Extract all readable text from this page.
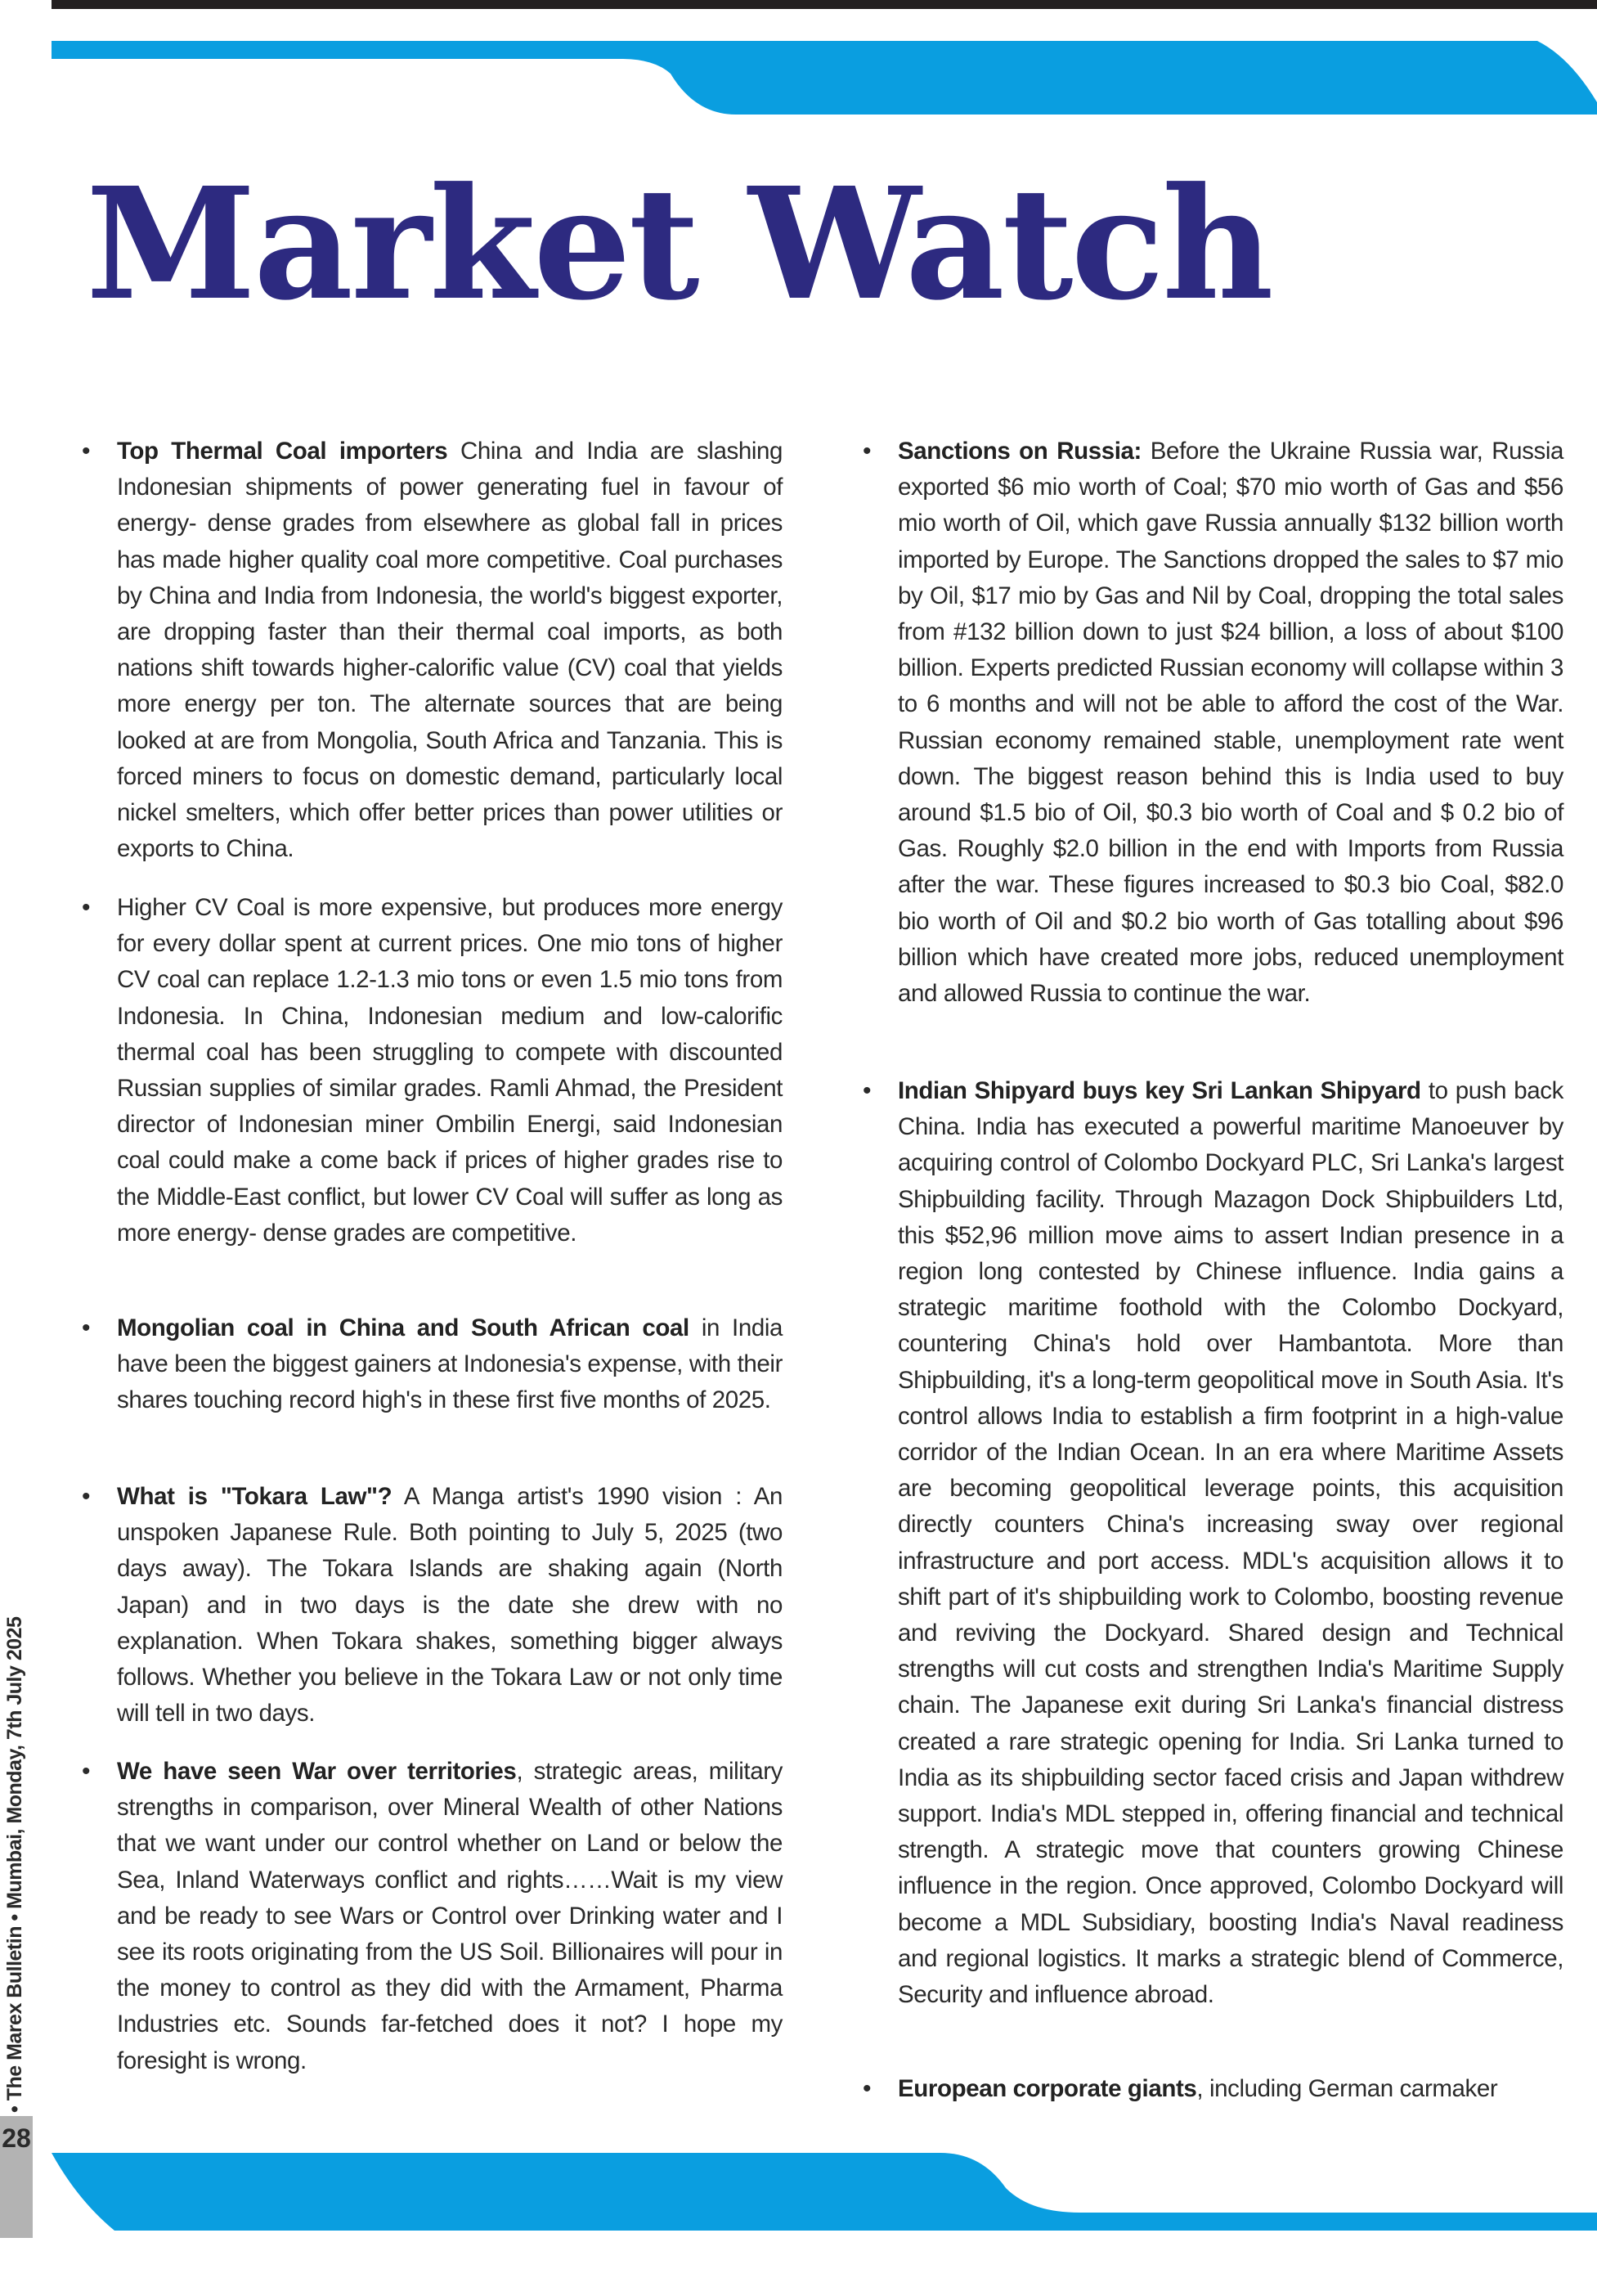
Market Watch
• Top Thermal Coal importers China and India are slashing Indonesian shipments of power generating fuel in favour of energy- dense grades from elsewhere as global fall in prices has made higher quality coal more competitive. Coal purchases by China and India from Indonesia, the world's biggest exporter, are dropping faster than their thermal coal imports, as both nations shift towards higher-calorific value (CV) coal that yields more energy per ton. The alternate sources that are being looked at are from Mongolia, South Africa and Tanzania. This is forced miners to focus on domestic demand, particularly local nickel smelters, which offer better prices than power utilities or exports to China.

• Higher CV Coal is more expensive, but produces more energy for every dollar spent at current prices. One mio tons of higher CV coal can replace 1.2-1.3 mio tons or even 1.5 mio tons from Indonesia. In China, Indonesian medium and low-calorific thermal coal has been struggling to compete with discounted Russian supplies of similar grades. Ramli Ahmad, the President director of Indonesian miner Ombilin Energi, said Indonesian coal could make a come back if prices of higher grades rise to the Middle-East conflict, but lower CV Coal will suffer as long as more energy- dense grades are competitive.

• Mongolian coal in China and South African coal in India have been the biggest gainers at Indonesia's expense, with their shares touching record high's in these first five months of 2025.

• What is "Tokara Law"? A Manga artist's 1990 vision : An unspoken Japanese Rule. Both pointing to July 5, 2025 (two days away). The Tokara Islands are shaking again (North Japan) and in two days is the date she drew with no explanation. When Tokara shakes, something bigger always follows. Whether you believe in the Tokara Law or not only time will tell in two days.

• We have seen War over territories, strategic areas, military strengths in comparison, over Mineral Wealth of other Nations that we want under our control whether on Land or below the Sea, Inland Waterways conflict and rights……Wait is my view and be ready to see Wars or Control over Drinking water and I see its roots originating from the US Soil. Billionaires will pour in the money to control as they did with the Armament, Pharma Industries etc. Sounds far-fetched does it not? I hope my foresight is wrong.

• Sanctions on Russia: Before the Ukraine Russia war, Russia exported $6 mio worth of Coal; $70 mio worth of Gas and $56 mio worth of Oil, which gave Russia annually $132 billion worth imported by Europe. The Sanctions dropped the sales to $7 mio by Oil, $17 mio by Gas and Nil by Coal, dropping the total sales from #132 billion down to just $24 billion, a loss of about $100 billion. Experts predicted Russian economy will collapse within 3 to 6 months and will not be able to afford the cost of the War. Russian economy remained stable, unemployment rate went down. The biggest reason behind this is India used to buy around $1.5 bio of Oil, $0.3 bio worth of Coal and $ 0.2 bio of Gas. Roughly $2.0 billion in the end with Imports from Russia after the war. These figures increased to $0.3 bio Coal, $82.0 bio worth of Oil and $0.2 bio worth of Gas totalling about $96 billion which have created more jobs, reduced unemployment and allowed Russia to continue the war.

• Indian Shipyard buys key Sri Lankan Shipyard to push back China. India has executed a powerful maritime Manoeuver by acquiring control of Colombo Dockyard PLC, Sri Lanka's largest Shipbuilding facility. Through Mazagon Dock Shipbuilders Ltd, this $52,96 million move aims to assert Indian presence in a region long contested by Chinese influence. India gains a strategic maritime foothold with the Colombo Dockyard, countering China's hold over Hambantota. More than Shipbuilding, it's a long-term geopolitical move in South Asia. It's control allows India to establish a firm footprint in a high-value corridor of the Indian Ocean. In an era where Maritime Assets are becoming geopolitical leverage points, this acquisition directly counters China's increasing sway over regional infrastructure and port access. MDL's acquisition allows it to shift part of it's shipbuilding work to Colombo, boosting revenue and reviving the Dockyard. Shared design and Technical strengths will cut costs and strengthen India's Maritime Supply chain. The Japanese exit during Sri Lanka's financial distress created a rare strategic opening for India. Sri Lanka turned to India as its shipbuilding sector faced crisis and Japan withdrew support. India's MDL stepped in, offering financial and technical strength. A strategic move that counters growing Chinese influence in the region. Once approved, Colombo Dockyard will become a MDL Subsidiary, boosting India's Naval readiness and regional logistics. It marks a strategic blend of Commerce, Security and influence abroad.

• European corporate giants, including German carmaker

28
• The Marex Bulletin • Mumbai, Monday, 7th July 2025
